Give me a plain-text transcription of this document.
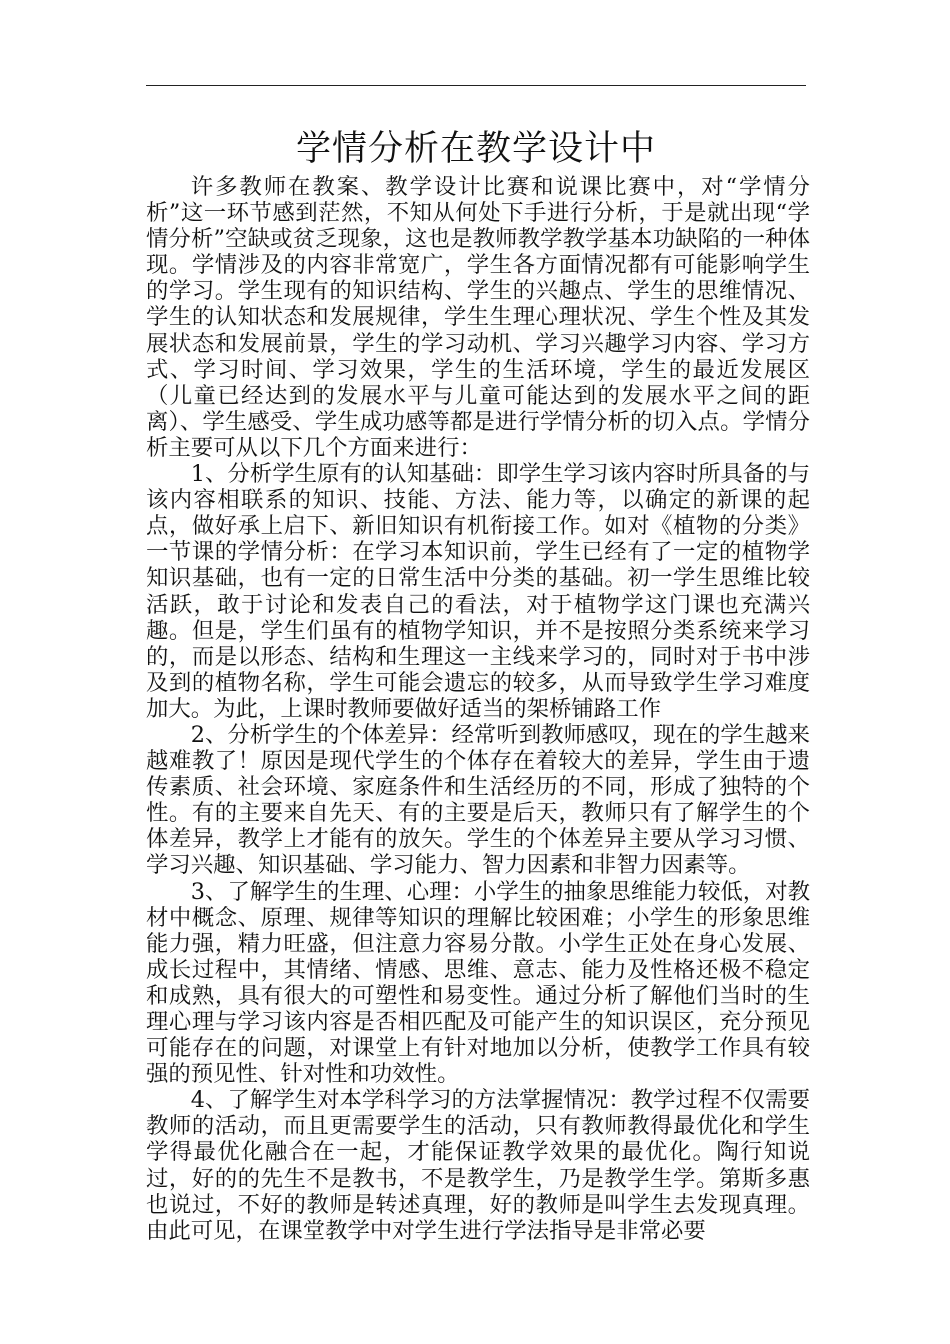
学情分析在教学设计中

许多教师在教案、教学设计比赛和说课比赛中，对“学情分析”这一环节感到茫然，不知从何处下手进行分析，于是就出现“学情分析”空缺或贫乏现象，这也是教师教学教学基本功缺陷的一种体现。学情涉及的内容非常宽广，学生各方面情况都有可能影响学生的学习。学生现有的知识结构、学生的兴趣点、学生的思维情况、学生的认知状态和发展规律，学生生理心理状况、学生个性及其发展状态和发展前景，学生的学习动机、学习兴趣学习内容、学习方式、学习时间、学习效果，学生的生活环境，学生的最近发展区（儿童已经达到的发展水平与儿童可能达到的发展水平之间的距离）、学生感受、学生成功感等都是进行学情分析的切入点。学情分析主要可从以下几个方面来进行：

1、分析学生原有的认知基础：即学生学习该内容时所具备的与该内容相联系的知识、技能、方法、能力等，以确定的新课的起点，做好承上启下、新旧知识有机衔接工作。如对《植物的分类》一节课的学情分析：在学习本知识前，学生已经有了一定的植物学知识基础，也有一定的日常生活中分类的基础。初一学生思维比较活跃，敢于讨论和发表自己的看法，对于植物学这门课也充满兴趣。但是，学生们虽有的植物学知识，并不是按照分类系统来学习的，而是以形态、结构和生理这一主线来学习的，同时对于书中涉及到的植物名称，学生可能会遗忘的较多，从而导致学生学习难度加大。为此，上课时教师要做好适当的架桥铺路工作

2、分析学生的个体差异：经常听到教师感叹，现在的学生越来越难教了！原因是现代学生的个体存在着较大的差异，学生由于遗传素质、社会环境、家庭条件和生活经历的不同，形成了独特的个性。有的主要来自先天、有的主要是后天，教师只有了解学生的个体差异，教学上才能有的放矢。学生的个体差异主要从学习习惯、学习兴趣、知识基础、学习能力、智力因素和非智力因素等。

3、了解学生的生理、心理：小学生的抽象思维能力较低，对教材中概念、原理、规律等知识的理解比较困难；小学生的形象思维能力强，精力旺盛，但注意力容易分散。小学生正处在身心发展、成长过程中，其情绪、情感、思维、意志、能力及性格还极不稳定和成熟，具有很大的可塑性和易变性。通过分析了解他们当时的生理心理与学习该内容是否相匹配及可能产生的知识误区，充分预见可能存在的问题，对课堂上有针对地加以分析，使教学工作具有较强的预见性、针对性和功效性。

4、了解学生对本学科学习的方法掌握情况：教学过程不仅需要教师的活动，而且更需要学生的活动，只有教师教得最优化和学生学得最优化融合在一起，才能保证教学效果的最优化。陶行知说过，好的的先生不是教书，不是教学生，乃是教学生学。第斯多惠也说过，不好的教师是转述真理，好的教师是叫学生去发现真理。由此可见，在课堂教学中对学生进行学法指导是非常必要
